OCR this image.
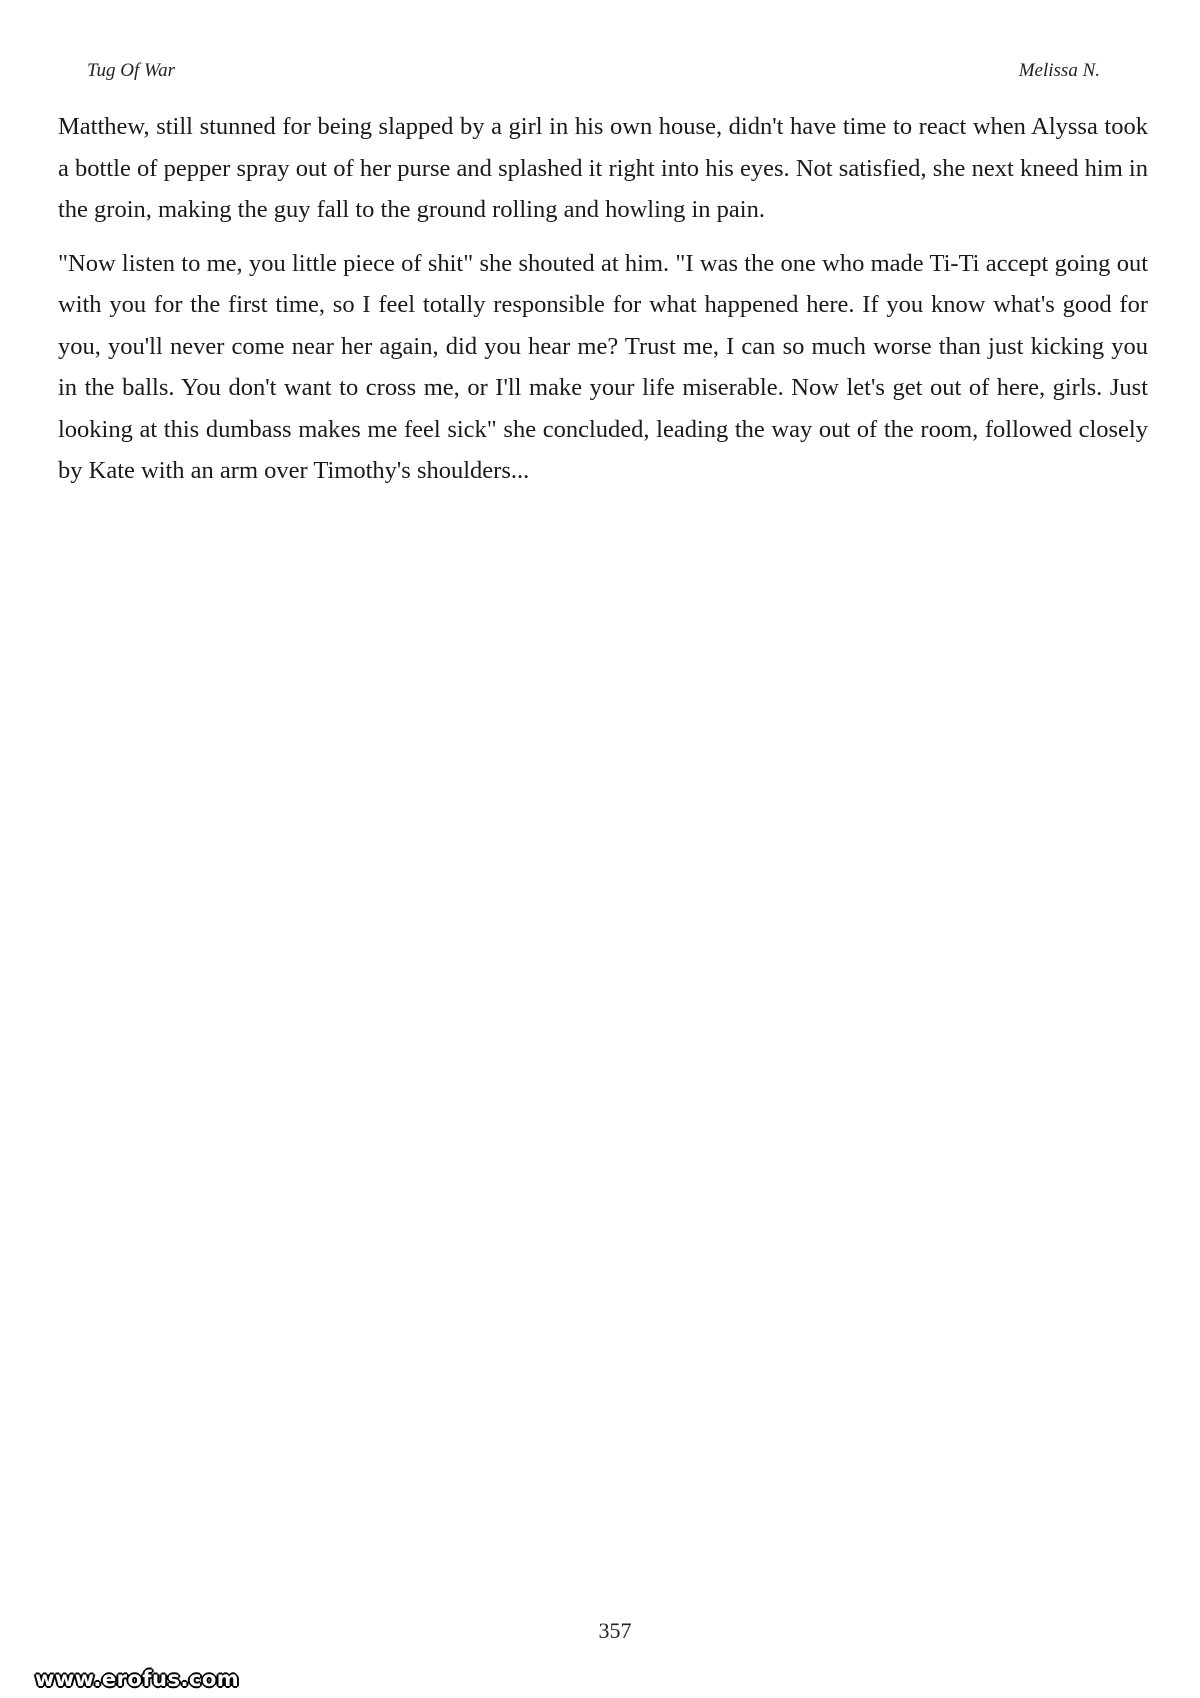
Tug Of War	Melissa N.

Matthew, still stunned for being slapped by a girl in his own house, didn't have time to react when Alyssa took a bottle of pepper spray out of her purse and splashed it right into his eyes. Not satisfied, she next kneed him in the groin, making the guy fall to the ground rolling and howling in pain.

"Now listen to me, you little piece of shit" she shouted at him. "I was the one who made Ti-Ti accept going out with you for the first time, so I feel totally responsible for what happened here. If you know what's good for you, you'll never come near her again, did you hear me? Trust me, I can so much worse than just kicking you in the balls. You don't want to cross me, or I'll make your life miserable. Now let's get out of here, girls. Just looking at this dumbass makes me feel sick" she concluded, leading the way out of the room, followed closely by Kate with an arm over Timothy's shoulders...

357
www.erofus.com
